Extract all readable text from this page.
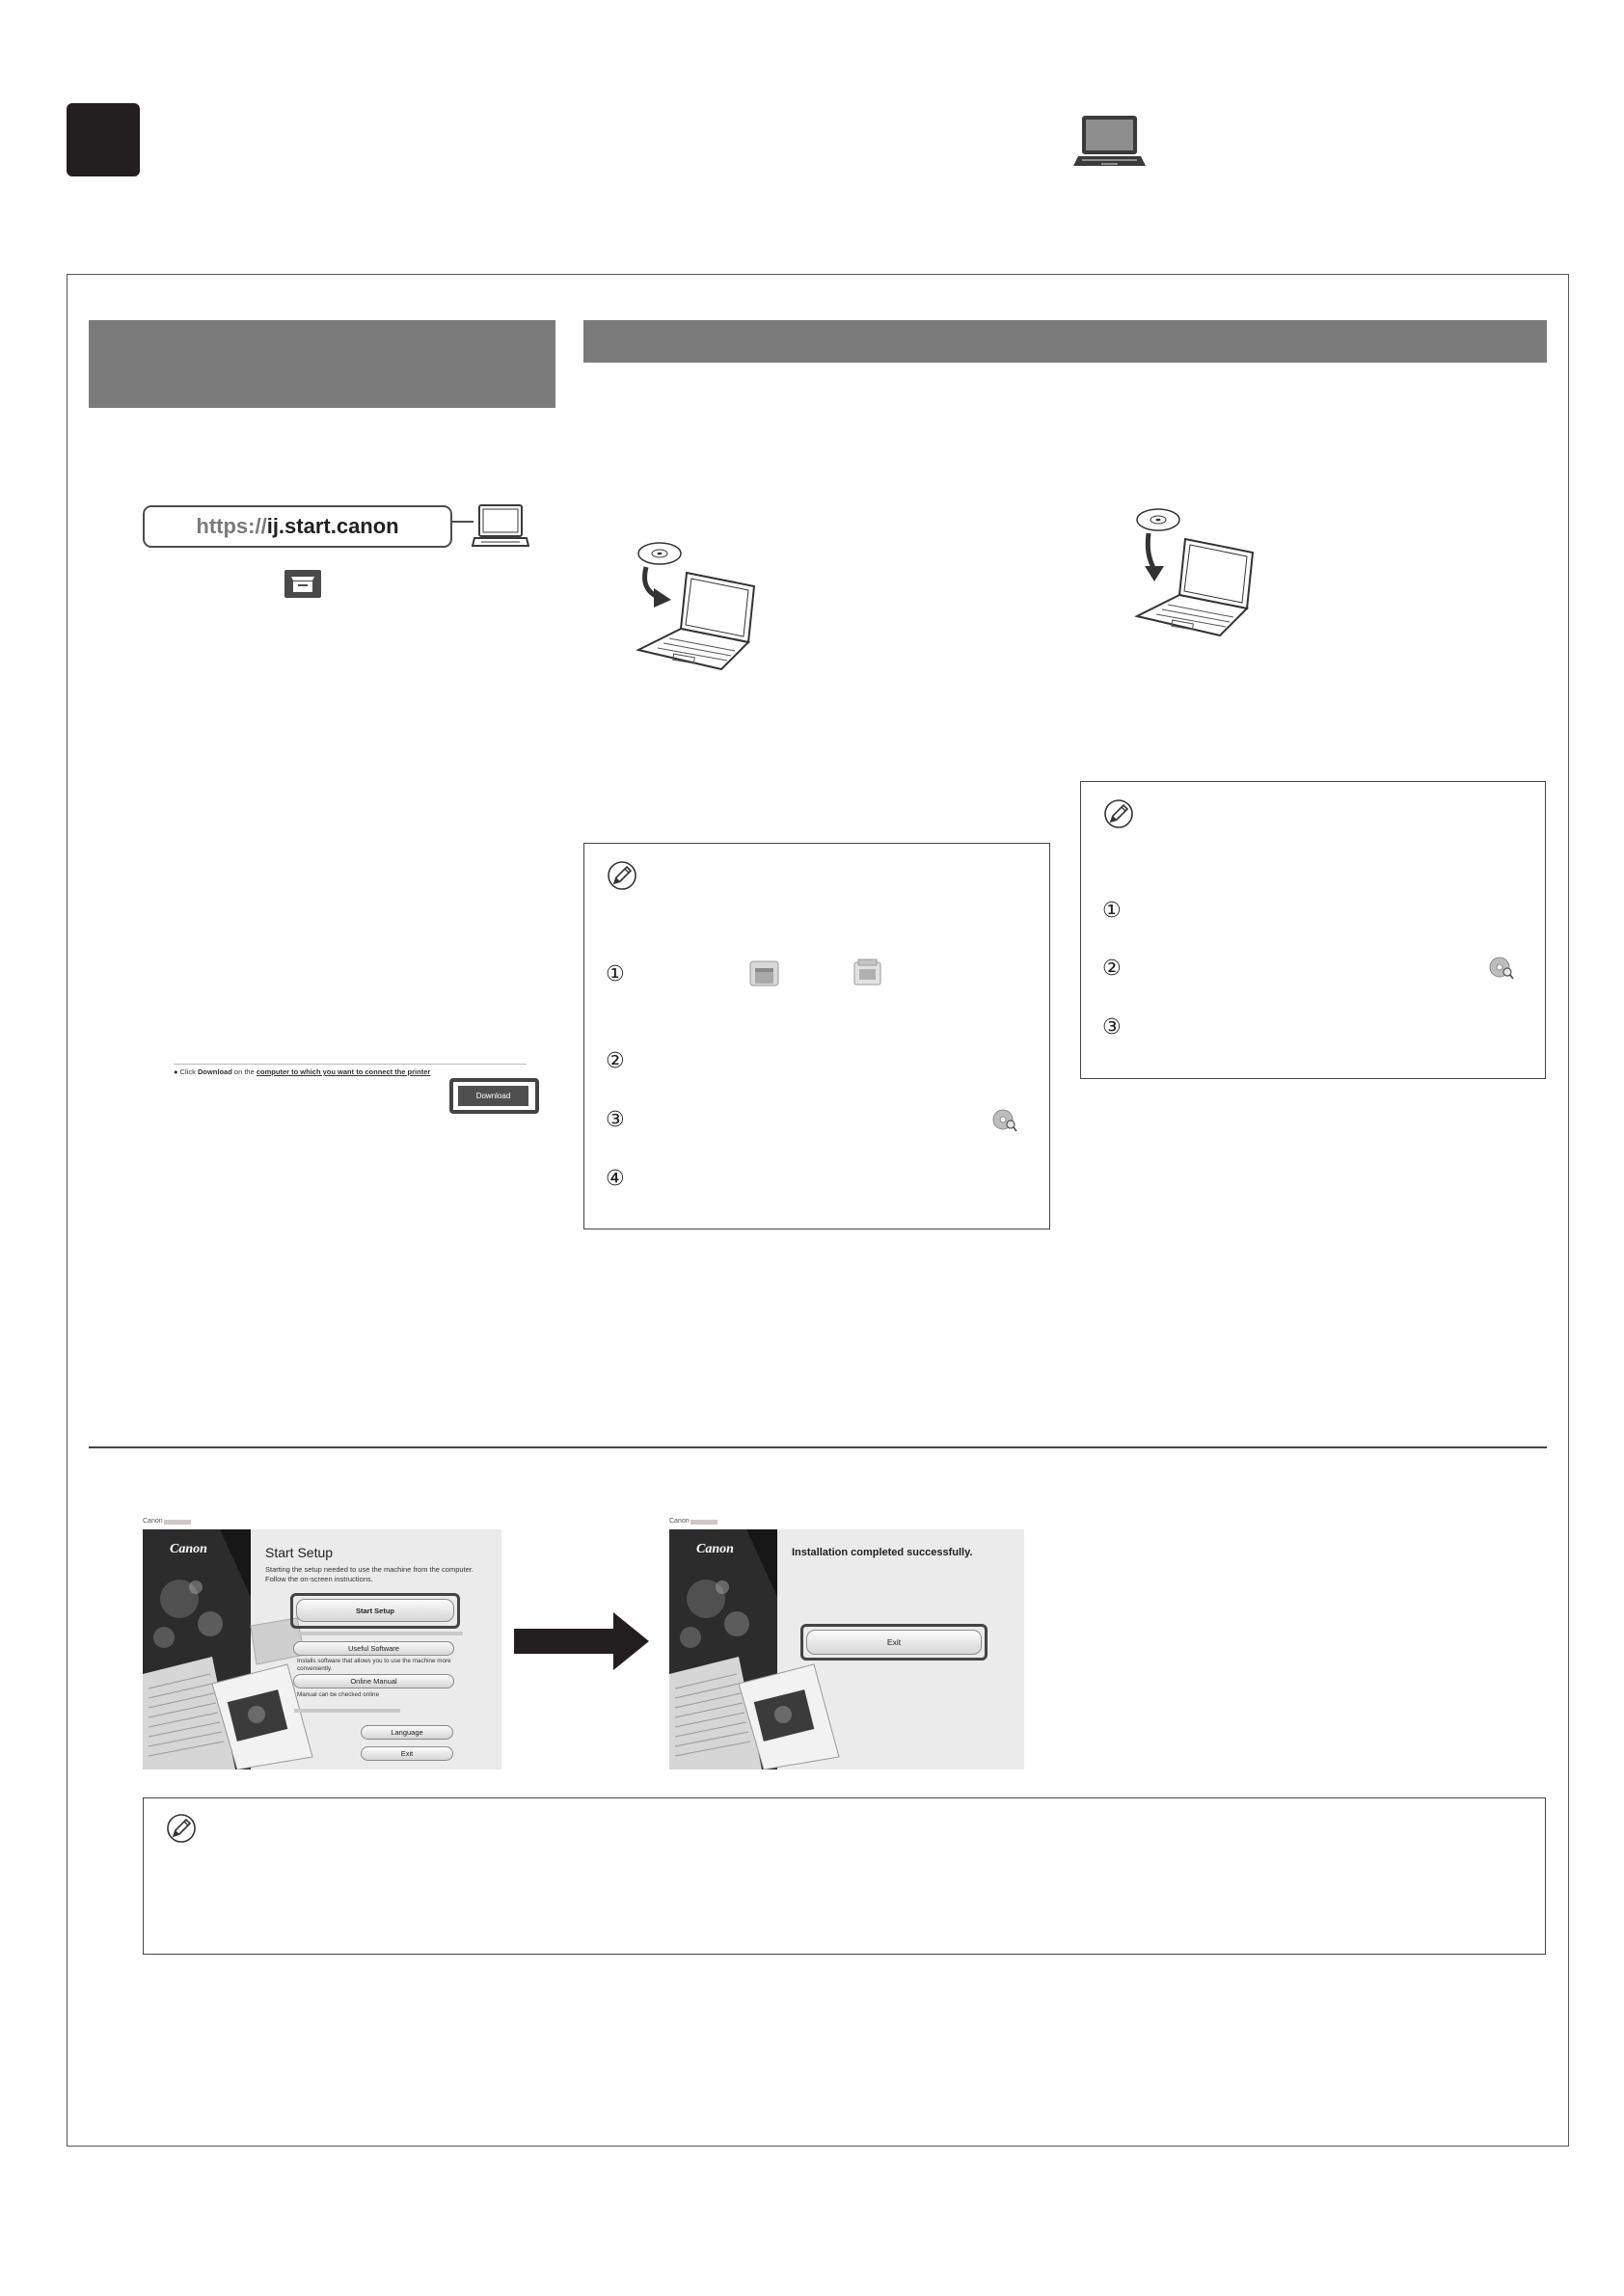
https:// ij.start.canon
● Click Download on the computer to which you want to connect the printer
Download
①
②
③
④
①
②
③
Canon
Canon	Start Setup
Starting the setup needed to use the machine from the computer.
Follow the on-screen instructions.
Start Setup
Useful Software
Installs software that allows you to use the machine more
conveniently.
Online Manual
Manual can be checked online
Language
Exit
Canon
Canon	Installation completed successfully.
Exit
